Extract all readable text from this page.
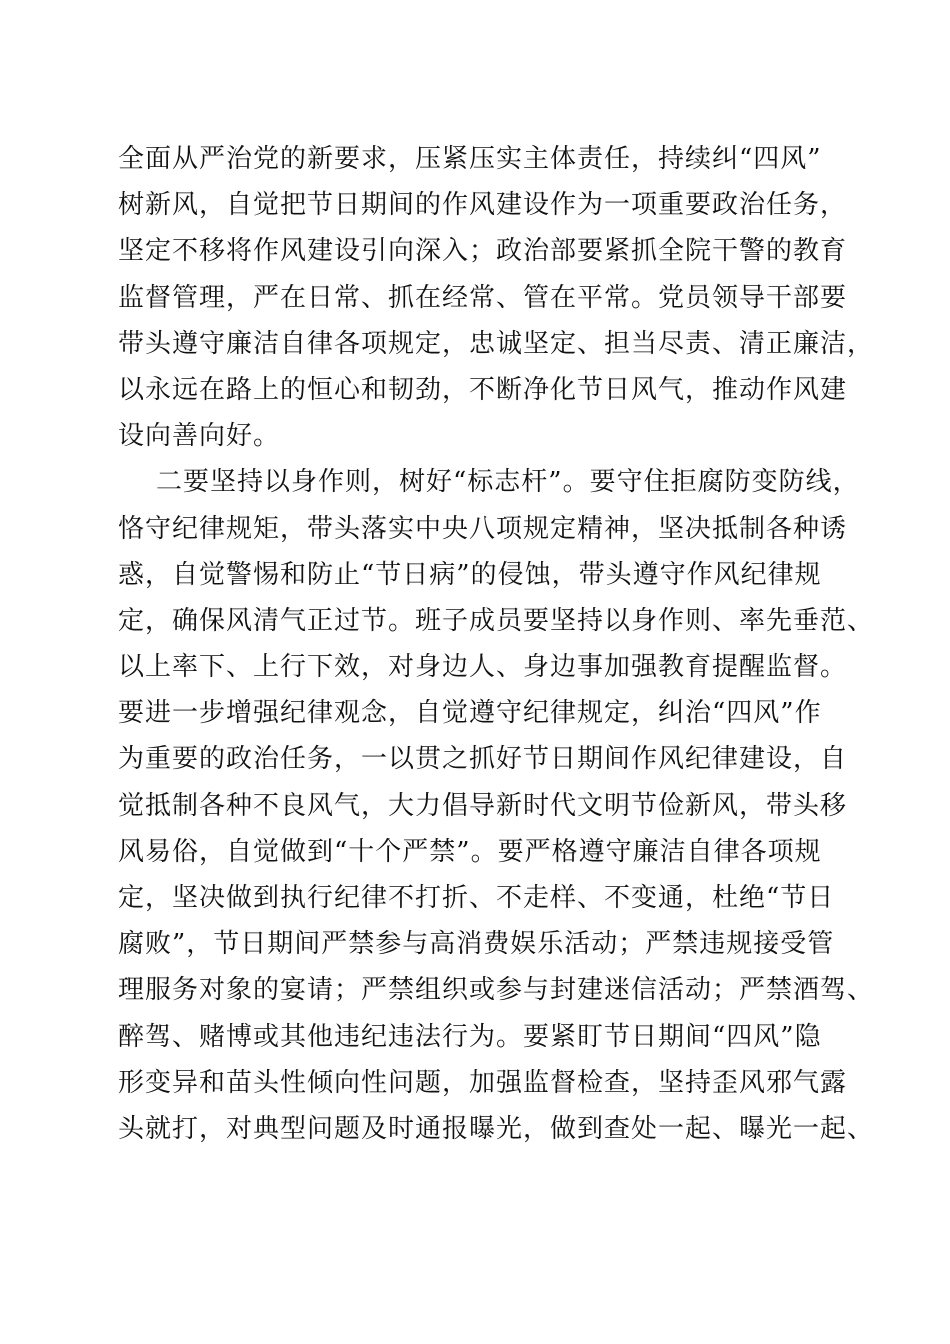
全面从严治党的新要求，压紧压实主体责任，持续纠“四风”
树新风，自觉把节日期间的作风建设作为一项重要政治任务，
坚定不移将作风建设引向深入；政治部要紧抓全院干警的教育
监督管理，严在日常、抓在经常、管在平常。党员领导干部要
带头遵守廉洁自律各项规定，忠诚坚定、担当尽责、清正廉洁，
以永远在路上的恒心和韧劲，不断净化节日风气，推动作风建
设向善向好。
二要坚持以身作则，树好“标志杆”。要守住拒腐防变防线，
恪守纪律规矩，带头落实中央八项规定精神，坚决抵制各种诱
惑，自觉警惕和防止“节日病”的侵蚀，带头遵守作风纪律规
定，确保风清气正过节。班子成员要坚持以身作则、率先垂范、
以上率下、上行下效，对身边人、身边事加强教育提醒监督。
要进一步增强纪律观念，自觉遵守纪律规定，纠治“四风”作
为重要的政治任务，一以贯之抓好节日期间作风纪律建设，自
觉抵制各种不良风气，大力倡导新时代文明节俭新风，带头移
风易俗，自觉做到“十个严禁”。要严格遵守廉洁自律各项规
定，坚决做到执行纪律不打折、不走样、不变通，杜绝“节日
腐败”，节日期间严禁参与高消费娱乐活动；严禁违规接受管
理服务对象的宴请；严禁组织或参与封建迷信活动；严禁酒驾、
醉驾、赌博或其他违纪违法行为。要紧盯节日期间“四风”隐
形变异和苗头性倾向性问题，加强监督检查，坚持歪风邪气露
头就打，对典型问题及时通报曝光，做到查处一起、曝光一起、
